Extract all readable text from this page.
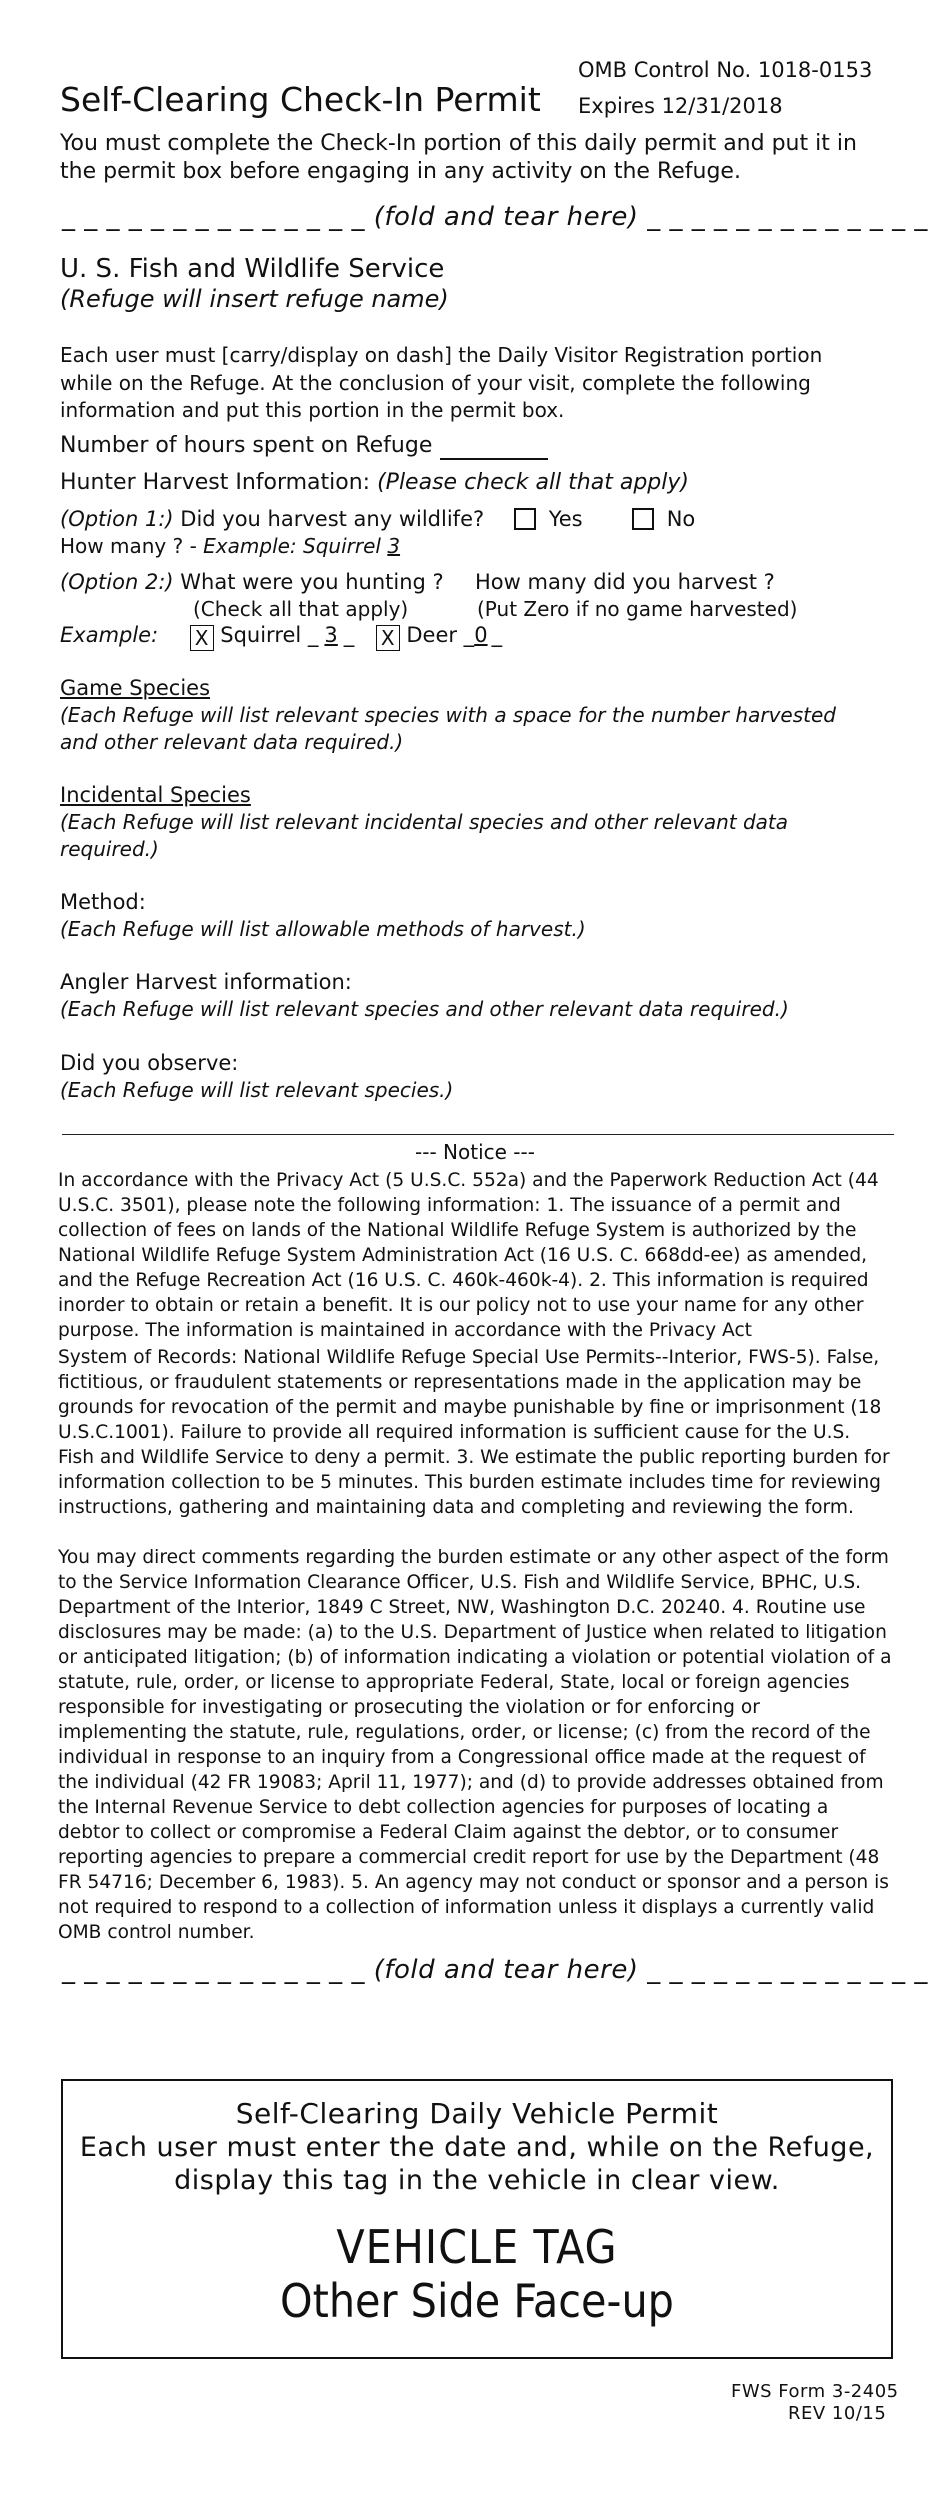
OMB Control No. 1018-0153
Self-Clearing Check-In Permit Expires 12/31/2018
You must complete the Check-In portion of this daily permit and put it in
the permit box before engaging in any activity on the Refuge.
_ _ _ _ _ _ _ _ _ _ _ _ _ _ (fold and tear here) _ _ _ _ _ _ _ _ _ _ _ _ _
U. S. Fish and Wildlife Service
(Refuge will insert refuge name)
Each user must [carry/display on dash] the Daily Visitor Registration portion
while on the Refuge. At the conclusion of your visit, complete the following
information and put this portion in the permit box.
Number of hours spent on Refuge
Hunter Harvest Information: (Please check all that apply)
(Option 1:) Did you harvest any wildlife?	Yes	No
How many ? - Example: Squirrel 3
(Option 2:) What were you hunting ? How many did you harvest ?
(Check all that apply)	(Put Zero if no game harvested)
Example: X Squirrel _ 3 _ X Deer _0 _
Game Species
(Each Refuge will list relevant species with a space for the number harvested
and other relevant data required.)
Incidental Species
(Each Refuge will list relevant incidental species and other relevant data
required.)
Method:
(Each Refuge will list allowable methods of harvest.)
Angler Harvest information:
(Each Refuge will list relevant species and other relevant data required.)
Did you observe:
(Each Refuge will list relevant species.)
--- Notice ---
In accordance with the Privacy Act (5 U.S.C. 552a) and the Paperwork Reduction Act (44 U.S.C. 3501), please note the following information: 1. The issuance of a permit and collection of fees on lands of the National Wildlife Refuge System is authorized by the National Wildlife Refuge System Administration Act (16 U.S. C. 668dd-ee) as amended, and the Refuge Recreation Act (16 U.S. C. 460k-460k-4). 2. This information is required inorder to obtain or retain a benefit. It is our policy not to use your name for any other purpose. The information is maintained in accordance with the Privacy Act
System of Records: National Wildlife Refuge Special Use Permits--Interior, FWS-5). False, fictitious, or fraudulent statements or representations made in the application may be grounds for revocation of the permit and maybe punishable by fine or imprisonment (18 U.S.C.1001). Failure to provide all required information is sufficient cause for the U.S. Fish and Wildlife Service to deny a permit. 3. We estimate the public reporting burden for information collection to be 5 minutes. This burden estimate includes time for reviewing instructions, gathering and maintaining data and completing and reviewing the form.
You may direct comments regarding the burden estimate or any other aspect of the form to the Service Information Clearance Officer, U.S. Fish and Wildlife Service, BPHC, U.S. Department of the Interior, 1849 C Street, NW, Washington D.C. 20240. 4. Routine use disclosures may be made: (a) to the U.S. Department of Justice when related to litigation or anticipated litigation; (b) of information indicating a violation or potential violation of a statute, rule, order, or license to appropriate Federal, State, local or foreign agencies responsible for investigating or prosecuting the violation or for enforcing or implementing the statute, rule, regulations, order, or license; (c) from the record of the individual in response to an inquiry from a Congressional office made at the request of the individual (42 FR 19083; April 11, 1977); and (d) to provide addresses obtained from the Internal Revenue Service to debt collection agencies for purposes of locating a debtor to collect or compromise a Federal Claim against the debtor, or to consumer reporting agencies to prepare a commercial credit report for use by the Department (48 FR 54716; December 6, 1983). 5. An agency may not conduct or sponsor and a person is not required to respond to a collection of information unless it displays a currently valid OMB control number.
_ _ _ _ _ _ _ _ _ _ _ _ _ _ (fold and tear here) _ _ _ _ _ _ _ _ _ _ _ _ _
Self-Clearing Daily Vehicle Permit
Each user must enter the date and, while on the Refuge,
display this tag in the vehicle in clear view.
VEHICLE TAG
Other Side Face-up
FWS Form 3-2405
REV 10/15
